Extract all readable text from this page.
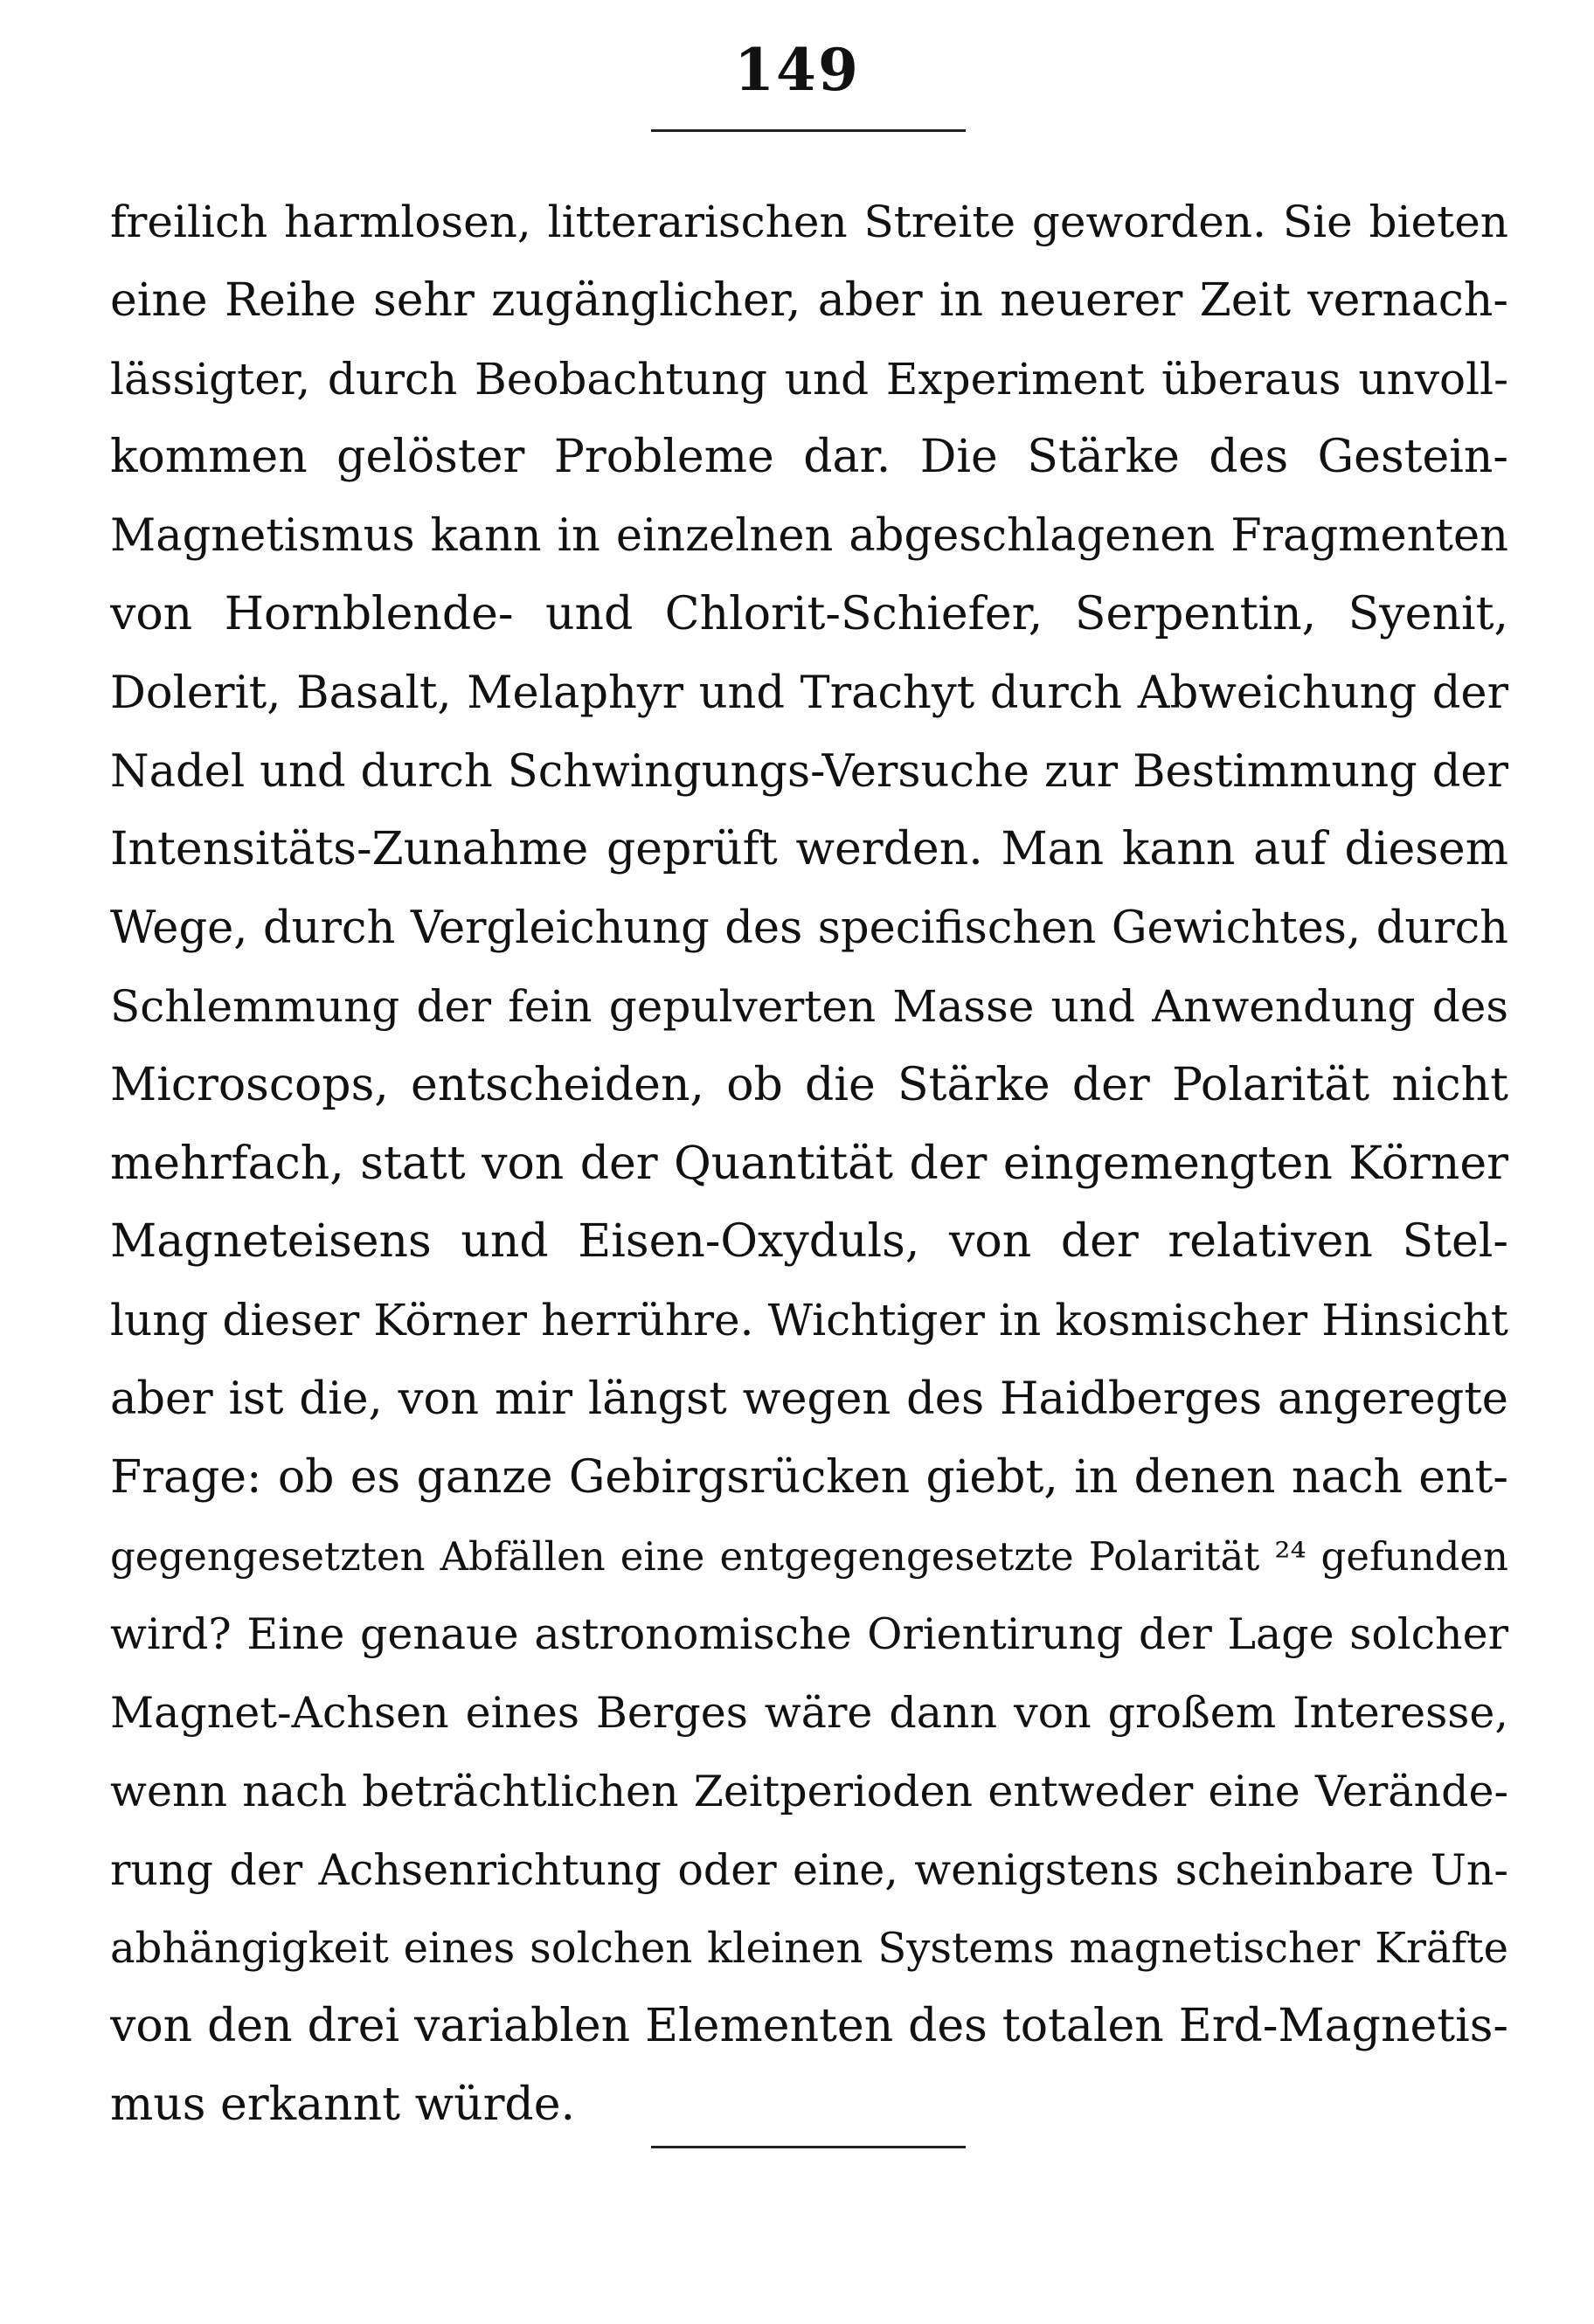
149
freilich harmlosen, litterarischen Streite geworden. Sie bieten
eine Reihe sehr zugänglicher, aber in neuerer Zeit vernach-
lässigter, durch Beobachtung und Experiment überaus unvoll-
kommen gelöster Probleme dar. Die Stärke des Gestein-
Magnetismus kann in einzelnen abgeschlagenen Fragmenten
von Hornblende- und Chlorit-Schiefer, Serpentin, Syenit,
Dolerit, Basalt, Melaphyr und Trachyt durch Abweichung der
Nadel und durch Schwingungs-Versuche zur Bestimmung der
Intensitäts-Zunahme geprüft werden. Man kann auf diesem
Wege, durch Vergleichung des specifischen Gewichtes, durch
Schlemmung der fein gepulverten Masse und Anwendung des
Microscops, entscheiden, ob die Stärke der Polarität nicht
mehrfach, statt von der Quantität der eingemengten Körner
Magneteisens und Eisen-Oxyduls, von der relativen Stel-
lung dieser Körner herrühre. Wichtiger in kosmischer Hinsicht
aber ist die, von mir längst wegen des Haidberges angeregte
Frage: ob es ganze Gebirgsrücken giebt, in denen nach ent-
gegengesetzten Abfällen eine entgegengesetzte Polarität ²⁴ gefunden
wird? Eine genaue astronomische Orientirung der Lage solcher
Magnet-Achsen eines Berges wäre dann von großem Interesse,
wenn nach beträchtlichen Zeitperioden entweder eine Verände-
rung der Achsenrichtung oder eine, wenigstens scheinbare Un-
abhängigkeit eines solchen kleinen Systems magnetischer Kräfte
von den drei variablen Elementen des totalen Erd-Magnetis-
mus erkannt würde.
